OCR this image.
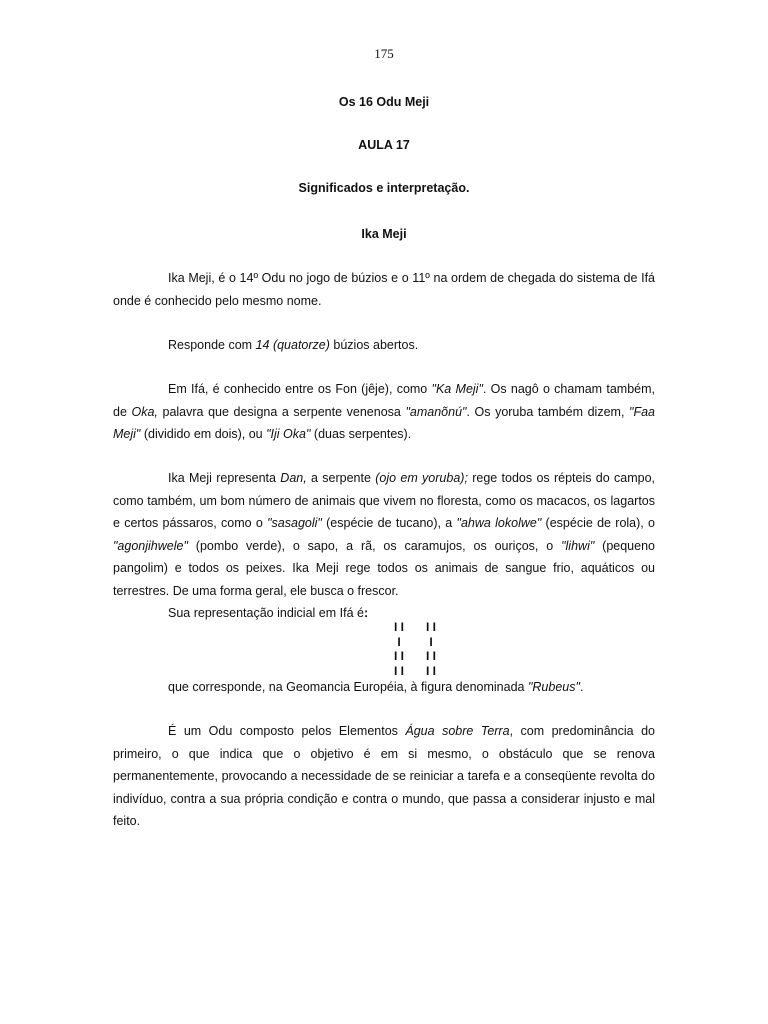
175
Os 16 Odu Meji
AULA 17
Significados e interpretação.
Ika Meji

Ika Meji, é o 14º Odu no jogo de búzios e o 11º na ordem de chegada do sistema de Ifá onde é conhecido pelo mesmo nome.

Responde com 14 (quatorze) búzios abertos.

Em Ifá, é conhecido entre os Fon (jêje), como "Ka Meji". Os nagô o chamam também, de Oka, palavra que designa a serpente venenosa "amanõnú". Os yoruba também dizem, "Faa Meji" (dividido em dois), ou "Iji Oka" (duas serpentes).

Ika Meji representa Dan, a serpente (ojo em yoruba); rege todos os répteis do campo, como também, um bom número de animais que vivem no floresta, como os macacos, os lagartos e certos pássaros, como o "sasagoli" (espécie de tucano), a "ahwa lokolwe" (espécie de rola), o "agonjihwele" (pombo verde), o sapo, a rã, os caramujos, os ouriços, o "lihwi" (pequeno pangolim) e todos os peixes. Ika Meji rege todos os animais de sangue frio, aquáticos ou terrestres. De uma forma geral, ele busca o frescor.

Sua representação indicial em Ifá é:

I I I I
I	I
I I I I
I I I I

que corresponde, na Geomancia Européia, à figura denominada "Rubeus".

É um Odu composto pelos Elementos Água sobre Terra, com predominância do primeiro, o que indica que o objetivo é em si mesmo, o obstáculo que se renova permanentemente, provocando a necessidade de se reiniciar a tarefa e a conseqüente revolta do indivíduo, contra a sua própria condição e contra o mundo, que passa a considerar injusto e mal feito.
